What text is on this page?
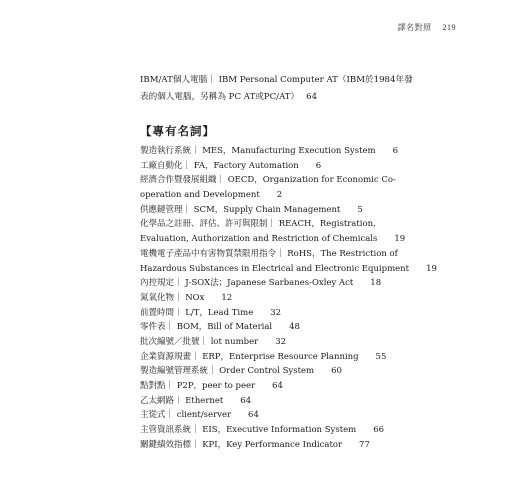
譯名對照 219
IBM/AT個人電腦｜ IBM Personal Computer AT（IBM於1984年發
表的個人電腦，另稱為 PC AT或PC/AT）　 64
【專有名詞】
製造執行系統｜ MES，Manufacturing Execution System　　6
工廠自動化｜ FA，Factory Automation　　6
經濟合作暨發展組織｜ OECD，Organization for Economic Co-
operation and Development　　2
供應鏈管理｜ SCM，Supply Chain Management　　5
化學品之註冊、評估、許可與限制｜ REACH，Registration,
Evaluation, Authorization and Restriction of Chemicals　　19
電機電子產品中有害物質禁限用指令｜ RoHS，The Restriction of
Hazardous Substances in Electrical and Electronic Equipment　　19
內控規定｜ J-SOX法；Japanese Sarbanes-Oxley Act　　18
氮氧化物｜ NOx　　12
前置時間｜ L/T，Lead Time　　32
零件表｜ BOM，Bill of Material　　48
批次編號／批號｜ lot number　　32
企業資源規畫｜ ERP，Enterprise Resource Planning　　55
製造編號管理系統｜ Order Control System　　60
點對點｜ P2P，peer to peer　　64
乙太網路｜ Ethernet　　64
主從式｜ client/server　　64
主管資訊系統｜ EIS，Executive Information System　　66
關鍵績效指標｜ KPI，Key Performance Indicator　　77
